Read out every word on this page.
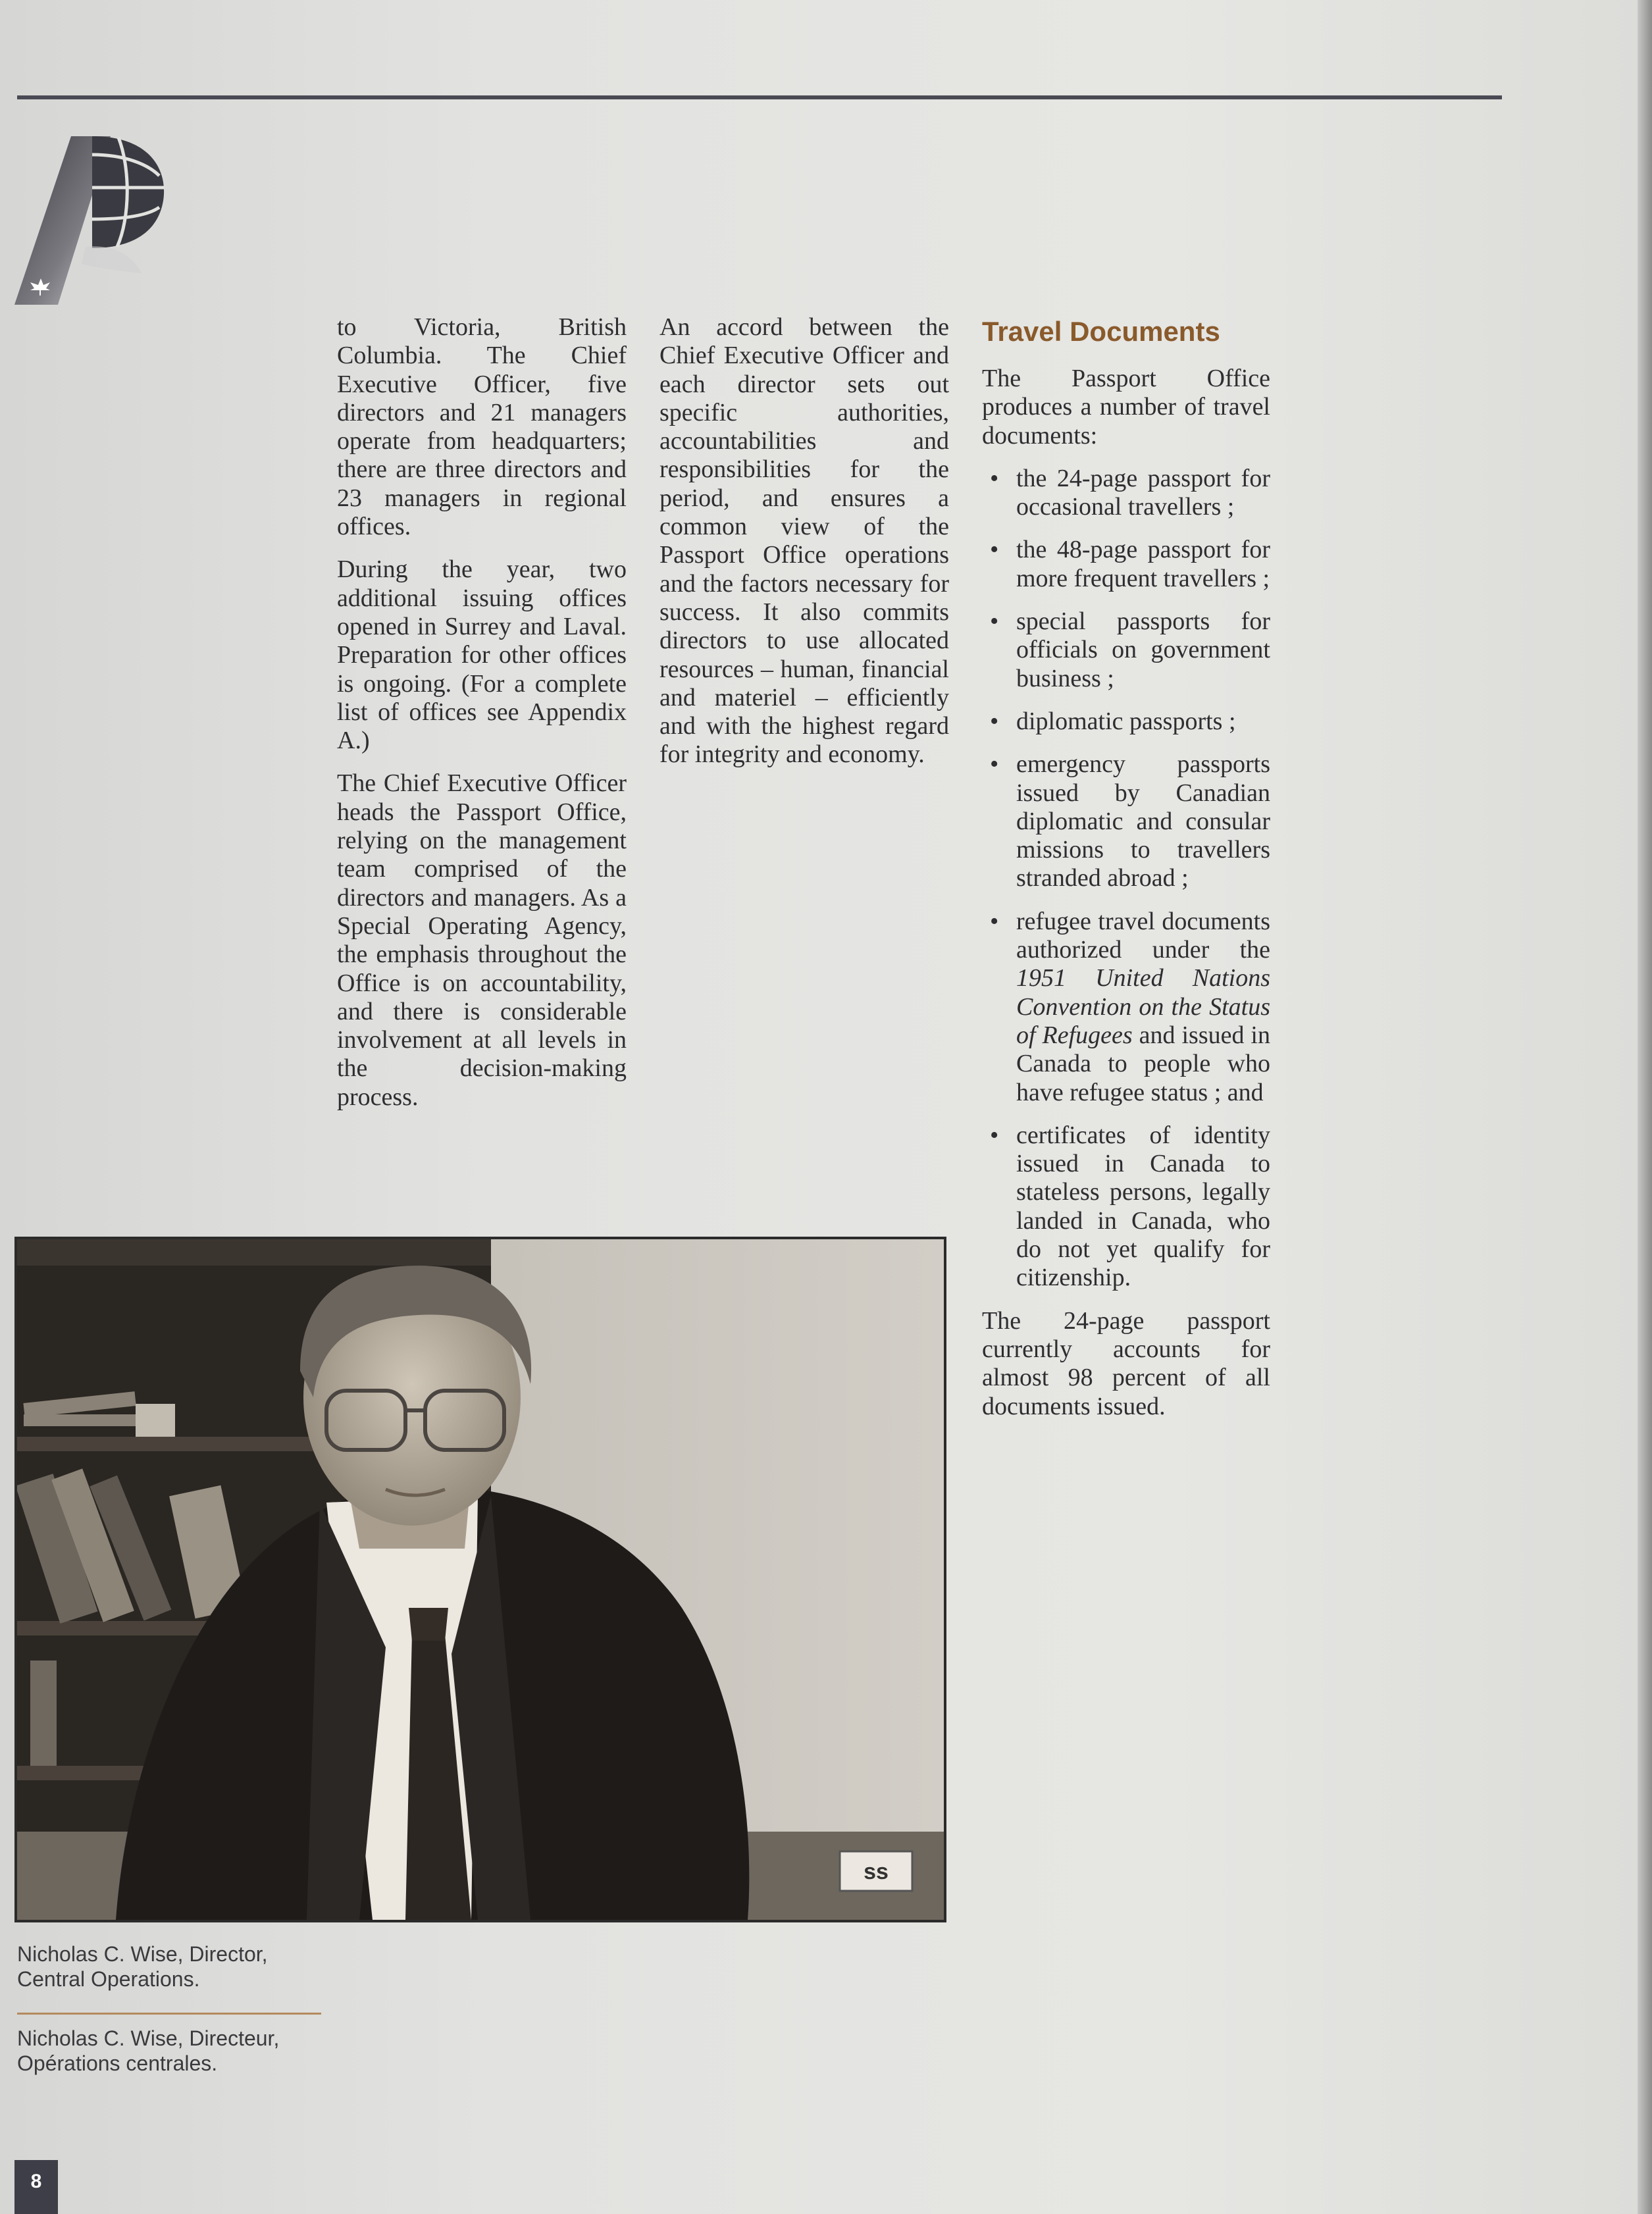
to Victoria, British Columbia. The Chief Executive Officer, five directors and 21 managers operate from headquarters; there are three directors and 23 managers in regional offices.

During the year, two additional issuing offices opened in Surrey and Laval. Preparation for other offices is ongoing. (For a complete list of offices see Appendix A.)

The Chief Executive Officer heads the Passport Office, relying on the management team comprised of the directors and managers. As a Special Operating Agency, the emphasis throughout the Office is on accountability, and there is considerable involvement at all levels in the decision-making process.

An accord between the Chief Executive Officer and each director sets out specific authorities, accountabilities and responsibilities for the period, and ensures a common view of the Passport Office operations and the factors necessary for success. It also commits directors to use allocated resources – human, financial and materiel – efficiently and with the highest regard for integrity and economy.

Travel Documents

The Passport Office produces a number of travel documents:

• the 24-page passport for occasional travellers ;
• the 48-page passport for more frequent travellers ;
• special passports for officials on government business ;
• diplomatic passports ;
• emergency passports issued by Canadian diplomatic and consular missions to travellers stranded abroad ;
• refugee travel documents authorized under the 1951 United Nations Convention on the Status of Refugees and issued in Canada to people who have refugee status ; and
• certificates of identity issued in Canada to stateless persons, legally landed in Canada, who do not yet qualify for citizenship.

The 24-page passport currently accounts for almost 98 percent of all documents issued.

ss
Nicholas C. Wise, Director,
Central Operations.
Nicholas C. Wise, Directeur,
Opérations centrales.
8
